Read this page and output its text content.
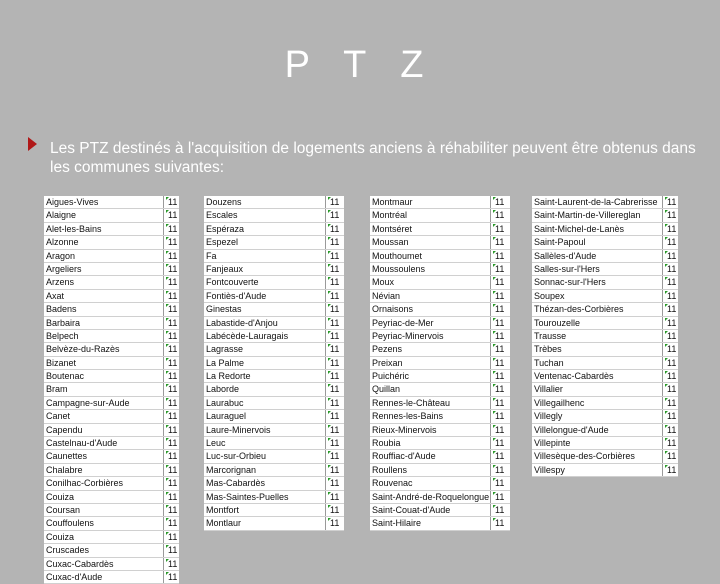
P T Z
Les PTZ destinés à l'acquisition de logements anciens à réhabiliter peuvent être obtenus dans les communes suivantes:
Aigues-Vives	11
Alaigne	11
Alet-les-Bains	11
Alzonne	11
Aragon	11
Argeliers	11
Arzens	11
Axat	11
Badens	11
Barbaira	11
Belpech	11
Belvèze-du-Razès	11
Bizanet	11
Boutenac	11
Bram	11
Campagne-sur-Aude	11
Canet	11
Capendu	11
Castelnau-d'Aude	11
Caunettes	11
Chalabre	11
Conilhac-Corbières	11
Couiza	11
Coursan	11
Couffoulens	11
Couiza	11
Cruscades	11
Cuxac-Cabardès	11
Cuxac-d'Aude	11
Douzens	11
Escales	11
Espéraza	11
Espezel	11
Fa	11
Fanjeaux	11
Fontcouverte	11
Fontiès-d'Aude	11
Ginestas	11
Labastide-d'Anjou	11
Labécède-Lauragais	11
Lagrasse	11
La Palme	11
La Redorte	11
Laborde	11
Laurabuc	11
Lauraguel	11
Laure-Minervois	11
Leuc	11
Luc-sur-Orbieu	11
Marcorignan	11
Mas-Cabardès	11
Mas-Saintes-Puelles	11
Montfort	11
Montlaur	11
Montmaur	11
Montréal	11
Montséret	11
Moussan	11
Mouthoumet	11
Moussoulens	11
Moux	11
Névian	11
Ornaisons	11
Peyriac-de-Mer	11
Peyriac-Minervois	11
Pezens	11
Preixan	11
Puichéric	11
Quillan	11
Rennes-le-Château	11
Rennes-les-Bains	11
Rieux-Minervois	11
Roubia	11
Rouffiac-d'Aude	11
Roullens	11
Rouvenac	11
Saint-André-de-Roquelongue 11
Saint-Couat-d'Aude	11
Saint-Hilaire	11
Saint-Laurent-de-la-Cabrerisse 11
Saint-Martin-de-Villereglan	11
Saint-Michel-de-Lanès	11
Saint-Papoul	11
Sallèles-d'Aude	11
Salles-sur-l'Hers	11
Sonnac-sur-l'Hers	11
Soupex	11
Thézan-des-Corbières	11
Tourouzelle	11
Trausse	11
Trèbes	11
Tuchan	11
Ventenac-Cabardès	11
Villalier	11
Villegailhenc	11
Villegly	11
Villelongue-d'Aude	11
Villepinte	11
Villesèque-des-Corbières	11
Villespy	11
